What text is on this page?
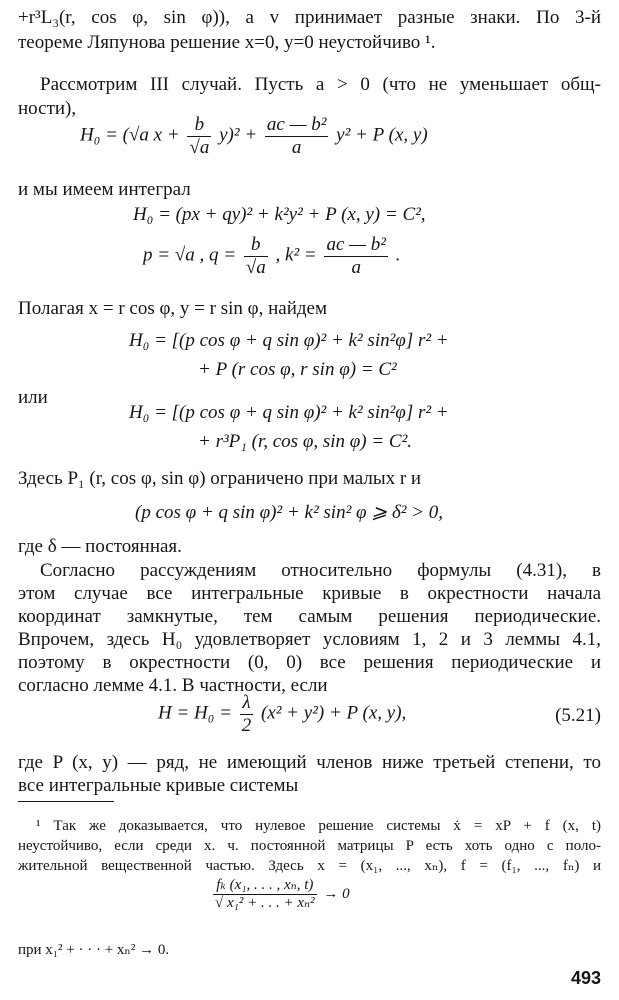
+r³L₃(r, cos φ, sin φ)), а v принимает разные знаки. По 3-й
теореме Ляпунова решение x=0, y=0 неустойчиво ¹.
Рассмотрим III случай. Пусть a > 0 (что не уменьшает общ-
ности),
H₀ = (√a $x + \frac{b}{√a} y)^2 + \frac{\text{ac — b²}}{a} y^2 + P$ (x, y)
и мы имеем интеграл
H₀ = (px + qy)² + k²y² + P (x, y) = C²,
p = √a , $q = \frac{b}{√a}$ , $k^2 = \frac{\text{ac — b²}}{a}$ .
Полагая x = r cos φ, y = r sin φ, найдем
H₀ = [(p cos φ + q sin φ)² + k² sin²φ] r² +
+ P (r cos φ, r sin φ) = C²
или
H₀ = [(p cos φ + q sin φ)² + k² sin²φ] r² +
+ r³P₁ (r, cos φ, sin φ) = C².
Здесь P₁ (r, cos φ, sin φ) ограничено при малых r и
(p cos φ + q sin φ)² + k² sin² φ ⩾ δ² > 0,
где δ — постоянная.
Согласно рассуждениям относительно формулы (4.31), в
этом случае все интегральные кривые в окрестности начала
координат замкнутые, тем самым решения периодические.
Впрочем, здесь H₀ удовлетворяет условиям 1, 2 и 3 леммы 4.1,
поэтому в окрестности (0, 0) все решения периодические и
согласно лемме 4.1. В частности, если
$H = H_0 = \frac{\lambda}{2} (x^2 + y^2) + P$ (x, y),	(5.21)
где P (x, y) — ряд, не имеющий членов ниже третьей степени, то
все интегральные кривые системы
¹ Так же доказывается, что нулевое решение системы ẋ = xP + f (x, t)
неустойчиво, если среди х. ч. постоянной матрицы P есть хоть одно с поло-
жительной вещественной частью. Здесь x = (x₁, ..., xₙ), f = (f₁, ..., fₙ) и
$\frac{\text{fₖ (x₁, . . . , xₙ, t)}}{\text{√ x₁² + . . . + xₙ²}} \to 0$
при x₁² + · · · + xₙ² → 0.
493
